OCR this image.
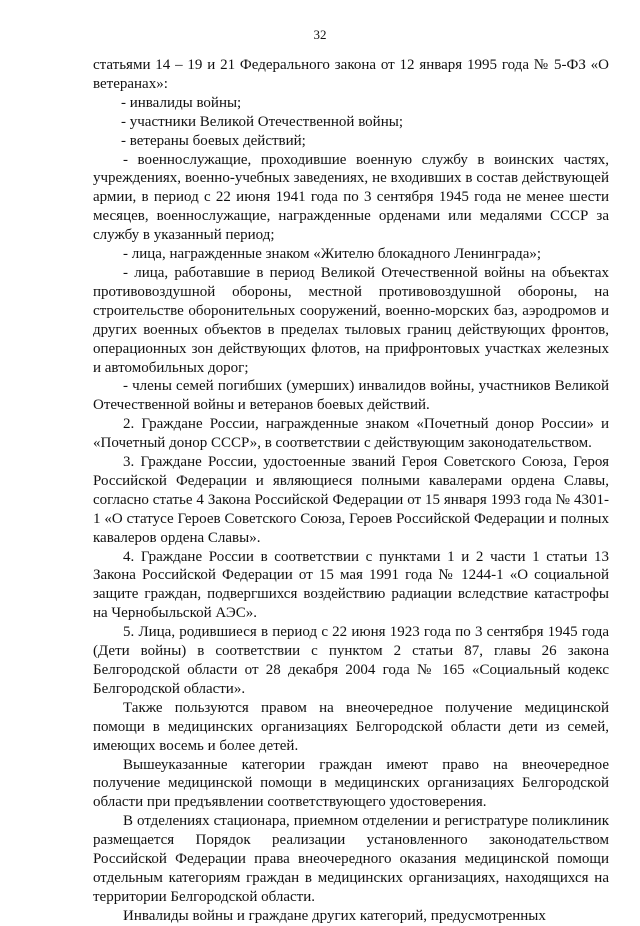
32

статьями 14 – 19 и 21 Федерального закона от 12 января 1995 года № 5-ФЗ «О ветеранах»:

- инвалиды войны;

- участники Великой Отечественной войны;

- ветераны боевых действий;

- военнослужащие, проходившие военную службу в воинских частях, учреждениях, военно-учебных заведениях, не входивших в состав действующей армии, в период с 22 июня 1941 года по 3 сентября 1945 года не менее шести месяцев, военнослужащие, награжденные орденами или медалями СССР за службу в указанный период;

- лица, награжденные знаком «Жителю блокадного Ленинграда»;

- лица, работавшие в период Великой Отечественной войны на объектах противовоздушной обороны, местной противовоздушной обороны, на строительстве оборонительных сооружений, военно-морских баз, аэродромов и других военных объектов в пределах тыловых границ действующих фронтов, операционных зон действующих флотов, на прифронтовых участках железных и автомобильных дорог;

- члены семей погибших (умерших) инвалидов войны, участников Великой Отечественной войны и ветеранов боевых действий.

2. Граждане России, награжденные знаком «Почетный донор России» и «Почетный донор СССР», в соответствии с действующим законодательством.

3. Граждане России, удостоенные званий Героя Советского Союза, Героя Российской Федерации и являющиеся полными кавалерами ордена Славы, согласно статье 4 Закона Российской Федерации от 15 января 1993 года № 4301-1 «О статусе Героев Советского Союза, Героев Российской Федерации и полных кавалеров ордена Славы».

4. Граждане России в соответствии с пунктами 1 и 2 части 1 статьи 13 Закона Российской Федерации от 15 мая 1991 года № 1244-1 «О социальной защите граждан, подвергшихся воздействию радиации вследствие катастрофы на Чернобыльской АЭС».

5. Лица, родившиеся в период с 22 июня 1923 года по 3 сентября 1945 года (Дети войны) в соответствии с пунктом 2 статьи 87, главы 26 закона Белгородской области от 28 декабря 2004 года № 165 «Социальный кодекс Белгородской области».

Также пользуются правом на внеочередное получение медицинской помощи в медицинских организациях Белгородской области дети из семей, имеющих восемь и более детей.

Вышеуказанные категории граждан имеют право на внеочередное получение медицинской помощи в медицинских организациях Белгородской области при предъявлении соответствующего удостоверения.

В отделениях стационара, приемном отделении и регистратуре поликлиник размещается Порядок реализации установленного законодательством Российской Федерации права внеочередного оказания медицинской помощи отдельным категориям граждан в медицинских организациях, находящихся на территории Белгородской области.

Инвалиды войны и граждане других категорий, предусмотренных
